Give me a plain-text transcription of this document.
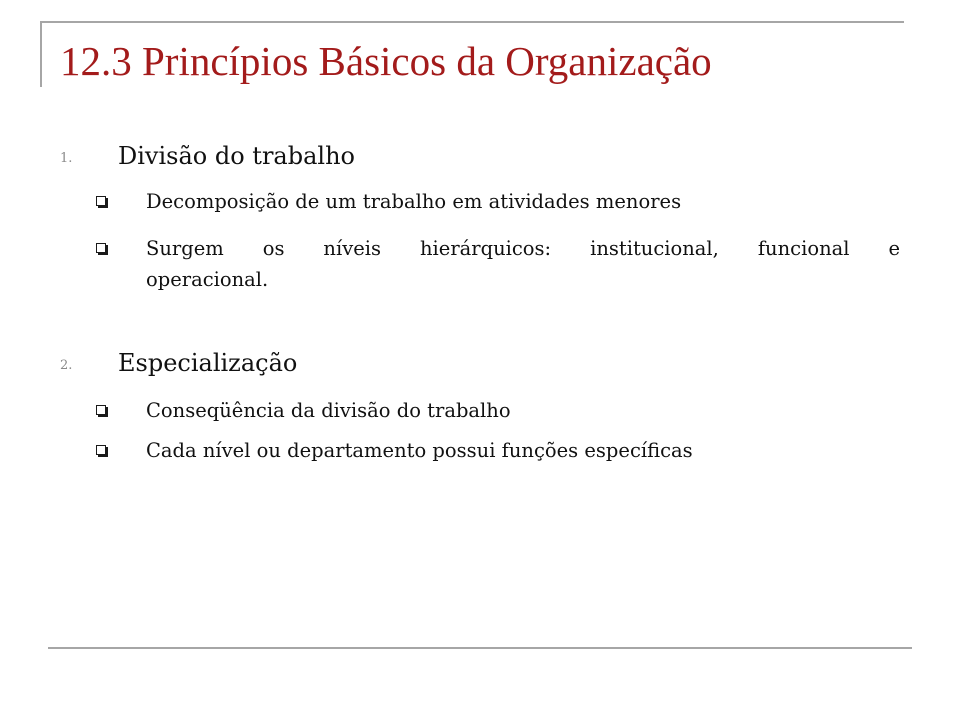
12.3 Princípios Básicos da Organização
1. Divisão do trabalho
Decomposição de um trabalho em atividades menores
Surgem os níveis hierárquicos: institucional, funcional e
operacional.
2. Especialização
Conseqüência da divisão do trabalho
Cada nível ou departamento possui funções específicas
